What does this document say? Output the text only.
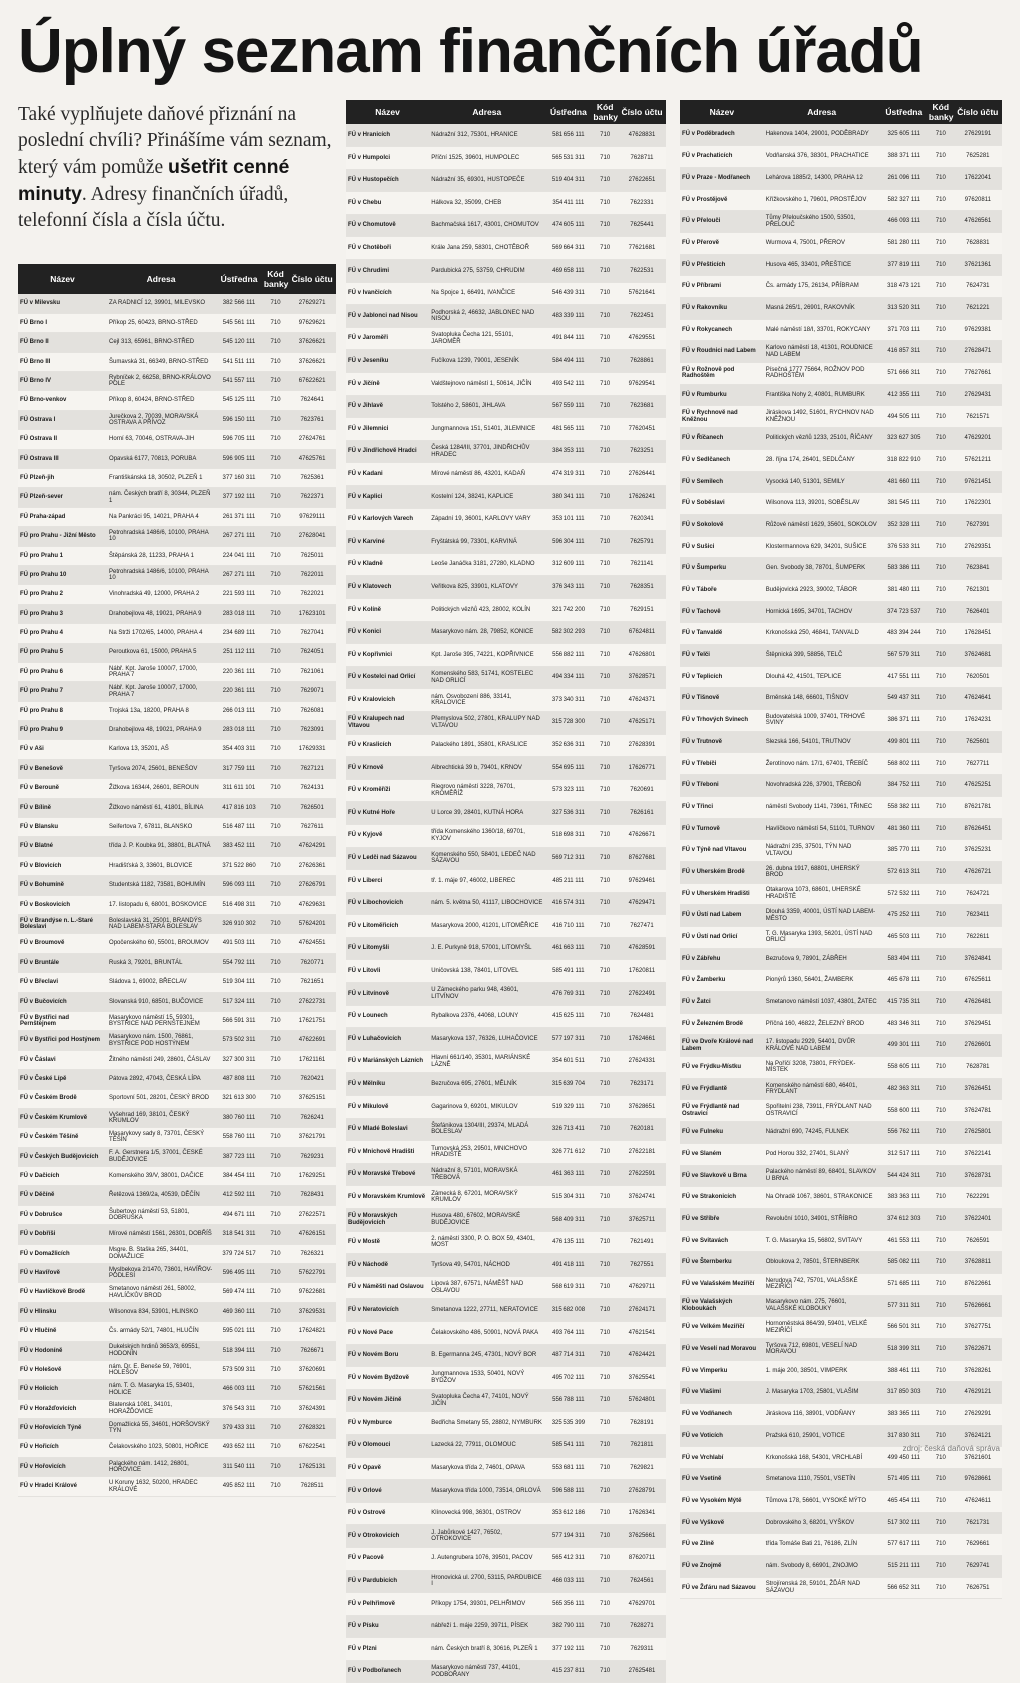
Úplný seznam finančních úřadů

Také vyplňujete daňové přiznání na poslední chvíli? Přinášíme vám seznam, který vám pomůže ušetřit cenné minuty. Adresy finančních úřadů, telefonní čísla a čísla účtu.

Název	Adresa	Ústředna	Kód banky	Číslo účtu
FÚ v Milevsku	ZA RADNICÍ 12, 39901, MILEVSKO	382 566 111	710	27629271
FÚ Brno I	Příkop 25, 60423, BRNO-STŘED	545 561 111	710	97629621
FÚ Brno II	Cejl 313, 65961, BRNO-STŘED	545 120 111	710	37626621
FÚ Brno III	Šumavská 31, 66349, BRNO-STŘED	541 511 111	710	37626621
FÚ Brno IV	Rybníček 2, 66258, BRNO-KRÁLOVO POLE	541 557 111	710	67622621
FÚ Brno-venkov	Příkop 8, 60424, BRNO-STŘED	545 125 111	710	7624641
FÚ Ostrava I	Jurečkova 2, 70039, MORAVSKÁ OSTRAVA A PŘÍVOZ	596 150 111	710	7623761
FÚ Ostrava II	Horní 63, 70046, OSTRAVA-JIH	596 705 111	710	27624761
FÚ Ostrava III	Opavská 6177, 70813, PORUBA	596 905 111	710	47625761
FÚ Plzeň-jih	Františkánská 18, 30502, PLZEŇ 1	377 160 311	710	7625361
FÚ Plzeň-sever	nám. Českých bratří 8, 30344, PLZEŇ 1	377 192 111	710	7622371
FÚ Praha-západ	Na Pankráci 95, 14021, PRAHA 4	261 371 111	710	97629111
FÚ pro Prahu - Jižní Město	Petrohradská 1486/6, 10100, PRAHA 10	267 271 111	710	27628041
FÚ pro Prahu 1	Štěpánská 28, 11233, PRAHA 1	224 041 111	710	7625011
FÚ pro Prahu 10	Petrohradská 1486/6, 10100, PRAHA 10	267 271 111	710	7622011
FÚ pro Prahu 2	Vinohradská 49, 12000, PRAHA 2	221 593 111	710	7622021
FÚ pro Prahu 3	Drahobejlova 48, 19021, PRAHA 9	283 018 111	710	17623101
FÚ pro Prahu 4	Na Strži 1702/65, 14000, PRAHA 4	234 689 111	710	7627041
FÚ pro Prahu 5	Peroutkova 61, 15000, PRAHA 5	251 112 111	710	7624051
FÚ pro Prahu 6	Nábř. Kpt. Jaroše 1000/7, 17000, PRAHA 7	220 361 111	710	7621061
FÚ pro Prahu 7	Nábř. Kpt. Jaroše 1000/7, 17000, PRAHA 7	220 361 111	710	7629071
FÚ pro Prahu 8	Trojská 13a, 18200, PRAHA 8	266 013 111	710	7626081
FÚ pro Prahu 9	Drahobejlova 48, 19021, PRAHA 9	283 018 111	710	7623091
FÚ v Aši	Karlova 13, 35201, AŠ	354 403 311	710	17629331
FÚ v Benešově	Tyršova 2074, 25601, BENEŠOV	317 759 111	710	7627121
FÚ v Berouně	Žižkova 1634/4, 26601, BEROUN	311 611 101	710	7624131
FÚ v Bílině	Žižkovo náměstí 61, 41801, BÍLINA	417 816 103	710	7626501
FÚ v Blansku	Seifertova 7, 67811, BLANSKO	516 487 111	710	7627611
FÚ v Blatné	třída J. P. Koubka 91, 38801, BLATNÁ	383 452 111	710	47624291
FÚ v Blovicích	Hradišťská 3, 33601, BLOVICE	371 522 860	710	27626361
FÚ v Bohumíně	Studentská 1182, 73581, BOHUMÍN	596 093 111	710	27626791
FÚ v Boskovicích	17. listopadu 6, 68001, BOSKOVICE	516 498 311	710	47629631
FÚ v Brandýse n. L.-Staré Boleslavi	Boleslavská 31, 25001, BRANDÝS NAD LABEM-STARÁ BOLESLAV	326 910 302	710	57624201
FÚ v Broumově	Opočenského 60, 55001, BROUMOV	491 503 111	710	47624551
FÚ v Bruntále	Ruská 3, 79201, BRUNTÁL	554 792 111	710	7620771
FÚ v Břeclavi	Sládova 1, 69002, BŘECLAV	519 304 111	710	7621651
FÚ v Bučovicích	Slovanská 910, 68501, BUČOVICE	517 324 111	710	27622731
FÚ v Bystřici nad Pernštejnem	Masarykovo náměstí 15, 59301, BYSTŘICE NAD PERNŠTEJNEM	566 591 311	710	17621751
FÚ v Bystřici pod Hostýnem	Masarykovo nám. 1500, 76861, BYSTŘICE POD HOSTÝNEM	573 502 311	710	47622691
FÚ v Čáslavi	Žitného náměstí 249, 28601, ČÁSLAV	327 300 311	710	17621161
FÚ v České Lípě	Pátova 2892, 47043, ČESKÁ LÍPA	487 808 111	710	7620421
FÚ v Českém Brodě	Sportovní 501, 28201, ČESKÝ BROD	321 613 300	710	37625151
FÚ v Českém Krumlově	Vyšehrad 169, 38101, ČESKÝ KRUMLOV	380 760 111	710	7626241
FÚ v Českém Těšíně	Masarykovy sady 8, 73701, ČESKÝ TĚŠÍN	558 760 111	710	37621791
FÚ v Českých Budějovicích	F. A. Gerstnera 1/5, 37001, ČESKÉ BUDĚJOVICE	387 723 111	710	7629231
FÚ v Dačicích	Komenského 39/V, 38001, DAČICE	384 454 111	710	17629251
FÚ v Děčíně	Řetězová 1369/2a, 40539, DĚČÍN	412 592 111	710	7628431
FÚ v Dobrušce	Šubertovo náměstí 53, 51801, DOBRUŠKA	494 671 111	710	27622571
FÚ v Dobříši	Mírové náměstí 1561, 26301, DOBŘÍŠ	318 541 311	710	47626151
FÚ v Domažlicích	Msgre. B. Staška 265, 34401, DOMAŽLICE	379 724 517	710	7626321
FÚ v Havířově	Myslbekova 2/1470, 73601, HAVÍŘOV-PODLESÍ	596 495 111	710	57622791
FÚ v Havlíčkově Brodě	Smetanovo náměstí 261, 58002, HAVLÍČKŮV BROD	569 474 111	710	97622681
FÚ v Hlinsku	Wilsonova 834, 53901, HLINSKO	469 360 111	710	37629531
FÚ v Hlučíně	Čs. armády 52/1, 74801, HLUČÍN	595 021 111	710	17624821
FÚ v Hodoníně	Dukelských hrdinů 3653/3, 69551, HODONÍN	518 394 111	710	7626671
FÚ v Holešově	nám. Dr. E. Beneše 59, 76901, HOLEŠOV	573 509 311	710	37620691
FÚ v Holicích	nám. T. G. Masaryka 15, 53401, HOLICE	466 003 111	710	57621561
FÚ v Horažďovicích	Blatenská 1081, 34101, HORAŽĎOVICE	376 543 311	710	37624391
FÚ v Hořovicích Týně	Domažlická 55, 34601, HORŠOVSKÝ TÝN	379 433 311	710	27628321
FÚ v Hořicích	Čelakovského 1023, 50801, HOŘICE	493 652 111	710	67622541
FÚ v Hořovicích	Palackého nám. 1412, 26801, HOŘOVICE	311 540 111	710	17625131
FÚ v Hradci Králové	U Koruny 1632, 50200, HRADEC KRÁLOVÉ	495 852 111	710	7628511
Název	Adresa	Ústředna	Kód banky	Číslo účtu
FÚ v Hranicích	Nádražní 312, 75301, HRANICE	581 656 111	710	47628831
FÚ v Humpolci	Příční 1525, 39601, HUMPOLEC	565 531 311	710	7628711
FÚ v Hustopečích	Nádražní 35, 69301, HUSTOPEČE	519 404 311	710	27622651
FÚ v Chebu	Hálkova 32, 35099, CHEB	354 411 111	710	7622331
FÚ v Chomutově	Bachmačská 1617, 43001, CHOMUTOV	474 605 111	710	7625441
FÚ v Chotěboři	Krále Jana 259, 58301, CHOTĚBOŘ	569 664 311	710	77621681
FÚ v Chrudimi	Pardubická 275, 53759, CHRUDIM	469 658 111	710	7622531
FÚ v Ivančicích	Na Spojce 1, 66491, IVANČICE	546 439 311	710	57621641
FÚ v Jablonci nad Nisou	Podhorská 2, 46632, JABLONEC NAD NISOU	483 339 111	710	7622451
FÚ v Jaroměři	Svatopluka Čecha 121, 55101, JAROMĚŘ	491 844 111	710	47629551
FÚ v Jeseníku	Fučíkova 1239, 79001, JESENÍK	584 494 111	710	7628861
FÚ v Jičíně	Valdštejnovo náměstí 1, 50614, JIČÍN	493 542 111	710	97629541
FÚ v Jihlavě	Tolstého 2, 58601, JIHLAVA	567 559 111	710	7623681
FÚ v Jilemnici	Jungmannova 151, 51401, JILEMNICE	481 565 111	710	77620451
FÚ v Jindřichově Hradci	Česká 1284/III, 37701, JINDŘICHŮV HRADEC	384 353 111	710	7623251
FÚ v Kadani	Mírové náměstí 86, 43201, KADAŇ	474 319 311	710	27626441
FÚ v Kaplici	Kostelní 124, 38241, KAPLICE	380 341 111	710	17626241
FÚ v Karlových Varech	Západní 19, 36001, KARLOVY VARY	353 101 111	710	7620341
FÚ v Karviné	Fryštátská 99, 73301, KARVINÁ	596 304 111	710	7625791
FÚ v Kladně	Leoše Janáčka 3181, 27280, KLADNO	312 609 111	710	7621141
FÚ v Klatovech	Veřitkova 825, 33901, KLATOVY	376 343 111	710	7628351
FÚ v Kolíně	Politických vězňů 423, 28002, KOLÍN	321 742 200	710	7629151
FÚ v Konici	Masarykovo nám. 28, 79852, KONICE	582 302 293	710	67624811
FÚ v Kopřivnici	Kpt. Jaroše 395, 74221, KOPŘIVNICE	556 882 111	710	47626801
FÚ v Kostelci nad Orlicí	Komenského 583, 51741, KOSTELEC NAD ORLICÍ	494 334 111	710	37628571
FÚ v Kralovicích	nám. Osvobození 886, 33141, KRALOVICE	373 340 311	710	47624371
FÚ v Kralupech nad Vltavou	Přemyslova 502, 27801, KRALUPY NAD VLTAVOU	315 728 300	710	47625171
FÚ v Kraslicích	Palackého 1891, 35801, KRASLICE	352 636 311	710	27628391
FÚ v Krnově	Albrechtická 39 b, 79401, KRNOV	554 695 111	710	17626771
FÚ v Kroměříži	Riegrovo náměstí 3228, 76701, KROMĚŘÍŽ	573 323 111	710	7620691
FÚ v Kutné Hoře	U Lorce 39, 28401, KUTNÁ HORA	327 536 311	710	7626161
FÚ v Kyjově	třída Komenského 1360/18, 69701, KYJOV	518 698 311	710	47626671
FÚ v Ledči nad Sázavou	Komenského 550, 58401, LEDEČ NAD SÁZAVOU	569 712 311	710	87627681
FÚ v Liberci	tř. 1. máje 97, 46002, LIBEREC	485 211 111	710	97629461
FÚ v Libochovicích	nám. 5. května 50, 41117, LIBOCHOVICE	416 574 311	710	47629471
FÚ v Litoměřicích	Masarykova 2000, 41201, LITOMĚŘICE	416 710 111	710	7627471
FÚ v Litomyšli	J. E. Purkyně 918, 57001, LITOMYŠL	461 663 111	710	47628591
FÚ v Litovli	Uničovská 138, 78401, LITOVEL	585 491 111	710	17620811
FÚ v Litvínově	U Zámeckého parku 948, 43601, LITVÍNOV	476 769 311	710	27622491
FÚ v Lounech	Rybalkova 2376, 44068, LOUNY	415 625 111	710	7624481
FÚ v Luhačovicích	Masarykova 137, 76326, LUHAČOVICE	577 197 311	710	17624661
FÚ v Mariánských Lázních	Hlavní 661/140, 35301, MARIÁNSKÉ LÁZNĚ	354 601 511	710	27624331
FÚ v Mělníku	Bezručova 695, 27601, MĚLNÍK	315 639 704	710	7623171
FÚ v Mikulově	Gagarinova 9, 69201, MIKULOV	519 329 111	710	37628651
FÚ v Mladé Boleslavi	Štefánikova 1304/III, 29374, MLADÁ BOLESLAV	326 713 411	710	7620181
FÚ v Mnichově Hradišti	Turnovská 253, 29501, MNICHOVO HRADIŠTĚ	326 771 612	710	27622181
FÚ v Moravské Třebové	Nádražní 8, 57101, MORAVSKÁ TŘEBOVÁ	461 363 111	710	27622591
FÚ v Moravském Krumlově	Zámecká 8, 67201, MORAVSKÝ KRUMLOV	515 304 311	710	37624741
FÚ v Moravských Budějovicích	Husova 480, 67602, MORAVSKÉ BUDĚJOVICE	568 409 311	710	37625711
FÚ v Mostě	2. náměstí 3300, P. O. BOX 59, 43401, MOST	476 135 111	710	7621491
FÚ v Náchodě	Tyršova 49, 54701, NÁCHOD	491 418 111	710	7627551
FÚ v Náměšti nad Oslavou	Lipová 387, 67571, NÁMĚŠŤ NAD OSLAVOU	568 619 311	710	47629711
FÚ v Neratovicích	Smetanova 1222, 27711, NERATOVICE	315 682 008	710	27624171
FÚ v Nové Pace	Čelakovského 486, 50901, NOVÁ PAKA	493 764 111	710	47621541
FÚ v Novém Boru	B. Egermanna 245, 47301, NOVÝ BOR	487 714 311	710	47624421
FÚ v Novém Bydžově	Jungmannova 1533, 50401, NOVÝ BYDŽOV	495 702 111	710	37625541
FÚ v Novém Jičíně	Svatopluka Čecha 47, 74101, NOVÝ JIČÍN	556 788 111	710	57624801
FÚ v Nymburce	Bedřicha Smetany 55, 28802, NYMBURK	325 535 399	710	7628191
FÚ v Olomouci	Lazecká 22, 77911, OLOMOUC	585 541 111	710	7621811
FÚ v Opavě	Masarykova třída 2, 74601, OPAVA	553 681 111	710	7629821
FÚ v Orlové	Masarykova třída 1000, 73514, ORLOVÁ	596 588 111	710	27628791
FÚ v Ostrově	Klínovecká 998, 36301, OSTROV	353 612 186	710	17626341
FÚ v Otrokovicích	J. Jabůrkové 1427, 76502, OTROKOVICE	577 194 311	710	37625661
FÚ v Pacově	J. Autengrubera 1076, 39501, PACOV	565 412 311	710	87620711
FÚ v Pardubicích	Hronovická ul. 2700, 53115, PARDUBICE I	466 033 111	710	7624561
FÚ v Pelhřimově	Příkopy 1754, 39301, PELHŘIMOV	565 356 111	710	47629701
FÚ v Písku	nábřeží 1. máje 2259, 39711, PÍSEK	382 790 111	710	7628271
FÚ v Plzni	nám. Českých bratří 8, 30616, PLZEŇ 1	377 192 111	710	7629311
FÚ v Podbořanech	Masarykovo náměstí 737, 44101, PODBOŘANY	415 237 811	710	27625481
Název	Adresa	Ústředna	Kód banky	Číslo účtu
FÚ v Poděbradech	Hakenova 1404, 29001, PODĚBRADY	325 605 111	710	27629191
FÚ v Prachaticích	Vodňanská 376, 38301, PRACHATICE	388 371 111	710	7625281
FÚ v Praze - Modřanech	Lehárova 1885/2, 14300, PRAHA 12	261 096 111	710	17622041
FÚ v Prostějově	Křížkovského 1, 79601, PROSTĚJOV	582 327 111	710	97620811
FÚ v Přelouči	Tůmy Přeloučského 1500, 53501, PŘELOUČ	466 093 111	710	47626561
FÚ v Přerově	Wurmova 4, 75001, PŘEROV	581 280 111	710	7628831
FÚ v Přešticích	Husova 465, 33401, PŘEŠTICE	377 819 111	710	37621361
FÚ v Příbrami	Čs. armády 175, 26134, PŘÍBRAM	318 473 121	710	7624731
FÚ v Rakovníku	Masná 265/1, 26901, RAKOVNÍK	313 520 311	710	7621221
FÚ v Rokycanech	Malé náměstí 18/I, 33701, ROKYCANY	371 703 111	710	97629381
FÚ v Roudnici nad Labem	Karlovo náměstí 18, 41301, ROUDNICE NAD LABEM	416 857 311	710	27628471
FÚ v Rožnově pod Radhoštěm	Písečná 1777 75664, ROŽNOV POD RADHOŠTĚM	571 666 311	710	77627661
FÚ v Rumburku	Františka Nohy 2, 40801, RUMBURK	412 355 111	710	27629431
FÚ v Rychnově nad Kněžnou	Jiráskova 1492, 51601, RYCHNOV NAD KNĚŽNOU	494 505 111	710	7621571
FÚ v Říčanech	Politických vězňů 1233, 25101, ŘÍČANY	323 627 305	710	47629201
FÚ v Sedlčanech	28. října 174, 26401, SEDLČANY	318 822 910	710	57621211
FÚ v Semilech	Vysocká 140, 51301, SEMILY	481 660 111	710	97621451
FÚ v Soběslavi	Wilsonova 113, 39201, SOBĚSLAV	381 545 111	710	17622301
FÚ v Sokolově	Růžové náměstí 1629, 35601, SOKOLOV	352 328 111	710	7627391
FÚ v Sušici	Klostermannova 629, 34201, SUŠICE	376 533 311	710	27629351
FÚ v Šumperku	Gen. Svobody 38, 78701, ŠUMPERK	583 386 111	710	7623841
FÚ v Táboře	Budějovická 2923, 39002, TÁBOR	381 480 111	710	7621301
FÚ v Tachově	Hornická 1695, 34701, TACHOV	374 723 537	710	7626401
FÚ v Tanvaldě	Krkonošská 250, 46841, TANVALD	483 394 244	710	17628451
FÚ v Telči	Štěpnická 399, 58856, TELČ	567 579 311	710	37624681
FÚ v Teplicích	Dlouhá 42, 41501, TEPLICE	417 551 111	710	7620501
FÚ v Tišnově	Brněnská 148, 66601, TIŠNOV	549 437 311	710	47624641
FÚ v Trhových Svinech	Budovatelská 1009, 37401, TRHOVÉ SVINY	386 371 111	710	17624231
FÚ v Trutnově	Slezská 166, 54101, TRUTNOV	499 801 111	710	7625601
FÚ v Třebíči	Žerotínovo nám. 17/1, 67401, TŘEBÍČ	568 802 111	710	7627711
FÚ v Třeboni	Novohradská 226, 37901, TŘEBOŇ	384 752 111	710	47625251
FÚ v Třinci	náměstí Svobody 1141, 73961, TŘINEC	558 382 111	710	87621781
FÚ v Turnově	Havlíčkovo náměstí 54, 51101, TURNOV	481 360 111	710	87626451
FÚ v Týně nad Vltavou	Nádražní 235, 37501, TÝN NAD VLTAVOU	385 770 111	710	37625231
FÚ v Uherském Brodě	26. dubna 1917, 68801, UHERSKÝ BROD	572 613 311	710	47626721
FÚ v Uherském Hradišti	Otakarova 1073, 68601, UHERSKÉ HRADIŠTĚ	572 532 111	710	7624721
FÚ v Ústí nad Labem	Dlouhá 3359, 40001, ÚSTÍ NAD LABEM-MĚSTO	475 252 111	710	7623411
FÚ v Ústí nad Orlicí	T. G. Masaryka 1393, 56201, ÚSTÍ NAD ORLICÍ	465 503 111	710	7622611
FÚ v Zábřehu	Bezručova 9, 78901, ZÁBŘEH	583 494 111	710	37624841
FÚ v Žamberku	Pionýrů 1360, 56401, ŽAMBERK	465 678 111	710	67625611
FÚ v Žatci	Smetanovo náměstí 1037, 43801, ŽATEC	415 735 311	710	47626481
FÚ v Železném Brodě	Příčná 160, 46822, ŽELEZNÝ BROD	483 346 311	710	37629451
FÚ ve Dvoře Králové nad Labem	17. listopadu 2929, 54401, DVŮR KRÁLOVÉ NAD LABEM	499 301 111	710	27626601
FÚ ve Frýdku-Místku	Na Poříčí 3208, 73801, FRÝDEK-MÍSTEK	558 605 111	710	7628781
FÚ ve Frýdlantě	Komenského náměstí 680, 46401, FRÝDLANT	482 363 311	710	37626451
FÚ ve Frýdlantě nad Ostravicí	Spořitelní 238, 73911, FRÝDLANT NAD OSTRAVICÍ	558 600 111	710	37624781
FÚ ve Fulneku	Nádražní 690, 74245, FULNEK	556 762 111	710	27625801
FÚ ve Slaném	Pod Horou 332, 27401, SLANÝ	312 517 111	710	37622141
FÚ ve Slavkově u Brna	Palackého náměstí 89, 68401, SLAVKOV U BRNA	544 424 311	710	37628731
FÚ ve Strakonicích	Na Ohradě 1067, 38601, STRAKONICE	383 363 111	710	7622291
FÚ ve Stříbře	Revoluční 1010, 34901, STŘÍBRO	374 612 303	710	37622401
FÚ ve Svitavách	T. G. Masaryka 15, 56802, SVITAVY	461 553 111	710	7626591
FÚ ve Šternberku	Obloukova 2, 78501, ŠTERNBERK	585 082 111	710	37628811
FÚ ve Valašském Meziříčí	Nerudova 742, 75701, VALAŠSKÉ MEZIŘÍČÍ	571 685 111	710	87622661
FÚ ve Valašských Kloboukách	Masarykovo nám. 275, 76601, VALAŠSKÉ KLOBOUKY	577 311 311	710	57626661
FÚ ve Velkém Meziříčí	Hornoměstská 864/39, 59401, VELKÉ MEZIŘÍČÍ	566 501 311	710	37627751
FÚ ve Veselí nad Moravou	Tyršova 712, 69801, VESELÍ NAD MORAVOU	518 399 311	710	37622671
FÚ ve Vimperku	1. máje 200, 38501, VIMPERK	388 461 111	710	37628261
FÚ ve Vlašimi	J. Masaryka 1703, 25801, VLAŠIM	317 850 303	710	47629121
FÚ ve Vodňanech	Jiráskova 116, 38901, VODŇANY	383 365 111	710	27629291
FÚ ve Voticích	Pražská 610, 25901, VOTICE	317 830 311	710	37624121
FÚ ve Vrchlabí	Krkonošská 168, 54301, VRCHLABÍ	499 450 111	710	37621601
FÚ ve Vsetíně	Smetanova 1110, 75501, VSETÍN	571 495 111	710	97628661
FÚ ve Vysokém Mýtě	Tůmova 178, 56601, VYSOKÉ MÝTO	465 454 111	710	47624611
FÚ ve Vyškově	Dobrovského 3, 68201, VYŠKOV	517 302 111	710	7621731
FÚ ve Zlíně	třída Tomáše Bati 21, 76186, ZLÍN	577 617 111	710	7629661
FÚ ve Znojmě	nám. Svobody 8, 66901, ZNOJMO	515 211 111	710	7629741
FÚ ve Žďáru nad Sázavou	Strojírenská 28, 59101, ŽĎÁR NAD SÁZAVOU	566 652 311	710	7626751
zdroj: česká daňová správa
